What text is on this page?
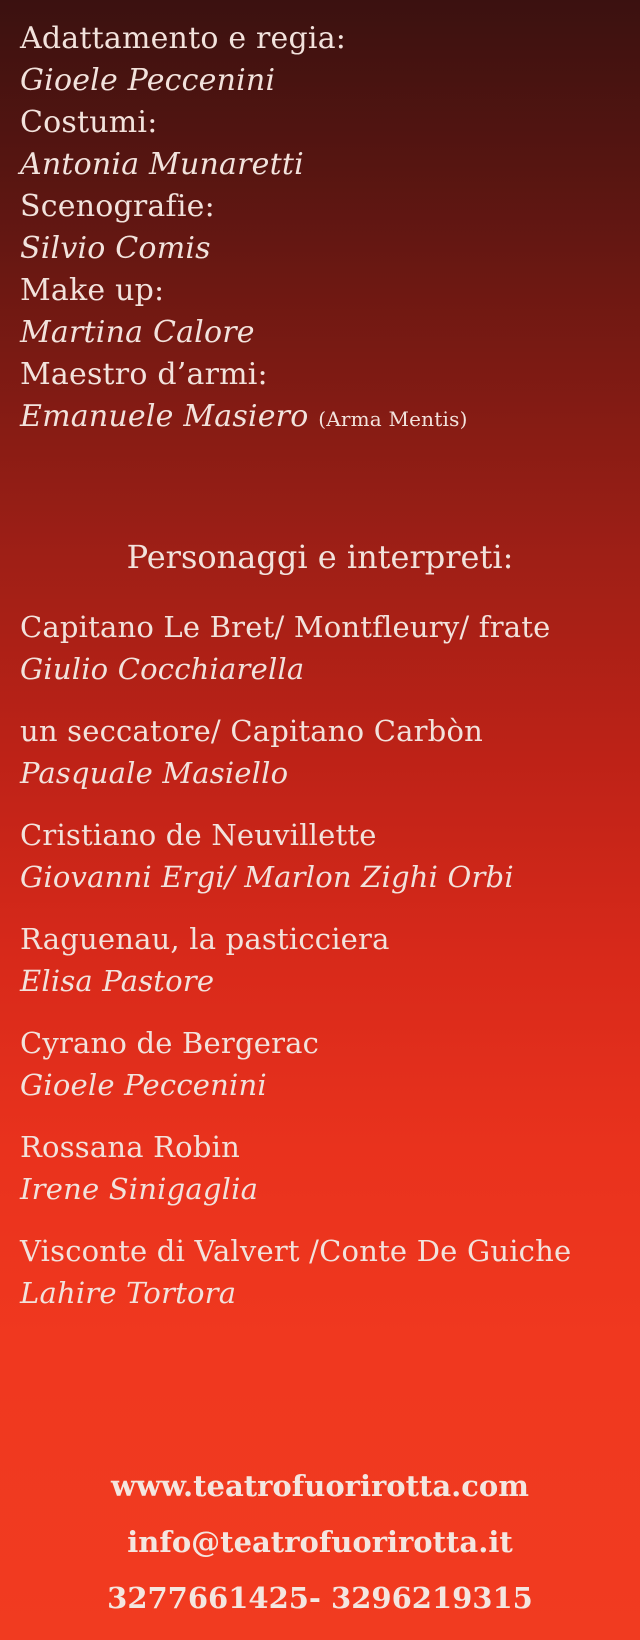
Adattamento e regia:
Gioele Peccenini
Costumi:
Antonia Munaretti
Scenografie:
Silvio Comis
Make up:
Martina Calore
Maestro d’armi:
Emanuele Masiero (Arma Mentis)
Personaggi e interpreti:
Capitano Le Bret/ Montfleury/ frate
Giulio Cocchiarella
un seccatore/ Capitano Carbòn
Pasquale Masiello
Cristiano de Neuvillette
Giovanni Ergi/ Marlon Zighi Orbi
Raguenau, la pasticciera
Elisa Pastore
Cyrano de Bergerac
Gioele Peccenini
Rossana Robin
Irene Sinigaglia
Visconte di Valvert /Conte De Guiche
Lahire Tortora
www.teatrofuorirotta.com
info@teatrofuorirotta.it
3277661425- 3296219315
